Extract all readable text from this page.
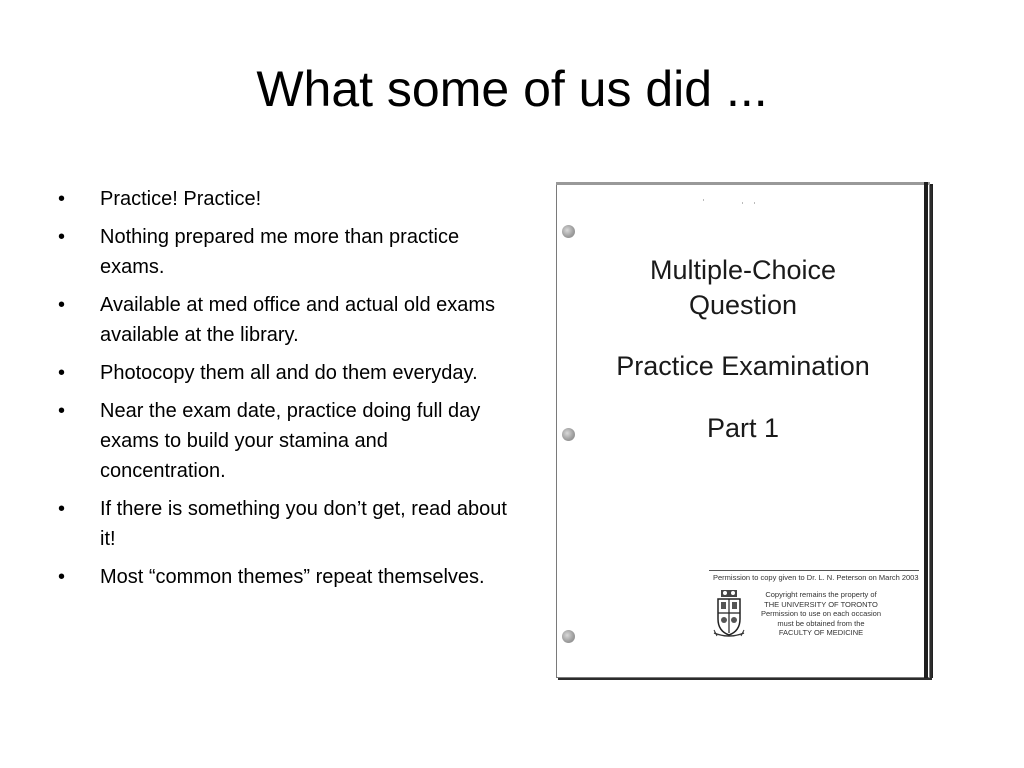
What some of us did ...
•	Practice! Practice!
•	Nothing prepared me more than practice exams.
•	Available at med office and actual old exams available at the library.
•	Photocopy them all and do them everyday.
•	Near the exam date, practice doing full day exams to build your stamina and concentration.
•	If there is something you don’t get, read about it!
•	Most “common themes” repeat themselves.
Multiple-Choice
Question
Practice Examination
Part 1
Permission to copy given to Dr. L. N. Peterson on March 2003
Copyright remains the property of
THE UNIVERSITY OF TORONTO
Permission to use on each occasion
must be obtained from the
FACULTY OF MEDICINE
